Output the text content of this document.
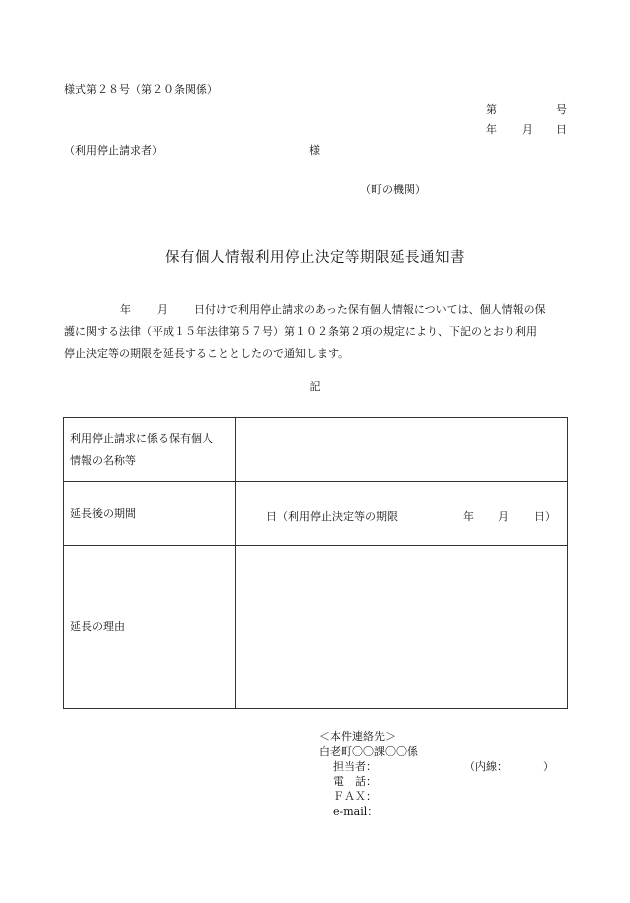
様式第２８号（第２０条関係）
第	号
年 月 日
（利用停止請求者）	様
（町の機関）
保有個人情報利用停止決定等期限延長通知書
年 月 日付けで利用停止請求のあった保有個人情報については、個人情報の保
護に関する法律（平成１５年法律第５７号）第１０２条第２項の規定により、下記のとおり利用
停止決定等の期限を延長することとしたので通知します。
記
利用停止請求に係る保有個人
情報の名称等	

延長後の期間	日（利用停止決定等の期限 年 月 日）

延長の理由	
＜本件連絡先＞
白老町〇〇課〇〇係
担当者：	（内線：	）
電　話：
ＦＡＸ：
e-mail：
